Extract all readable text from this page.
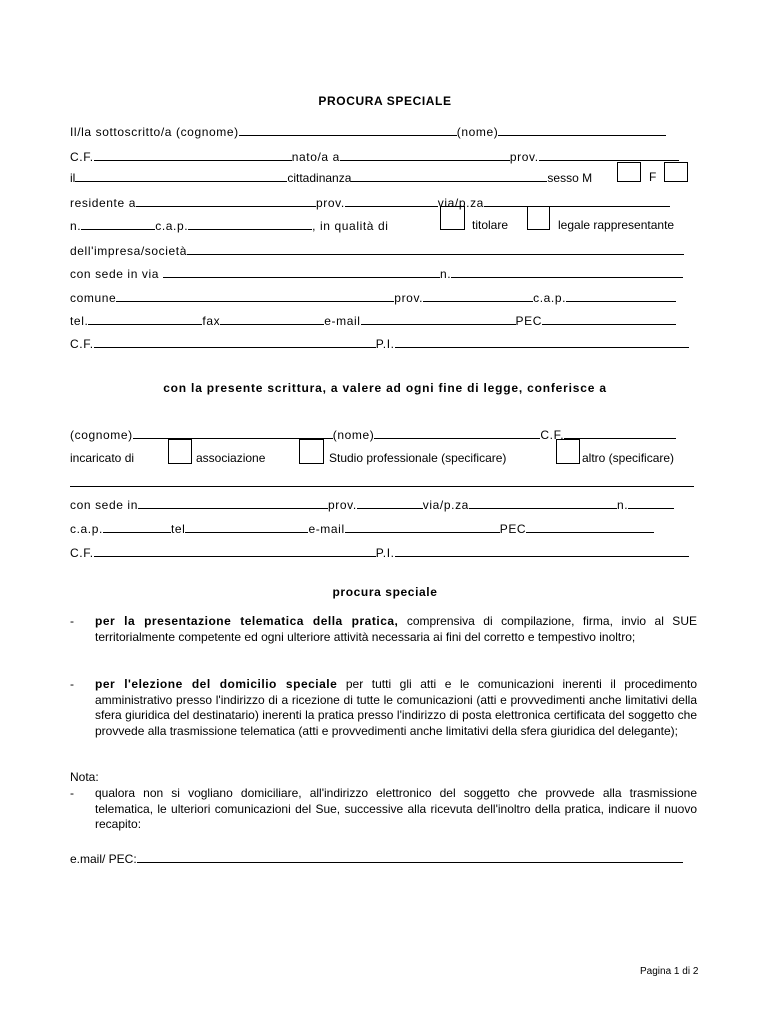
PROCURA SPECIALE
Il/la sottoscritto/a (cognome)	(nome)
C.F.	nato/a a	prov.
il	cittadinanza	sesso M	F
residente a	prov.	via/p.za
n.	c.a.p.	, in qualità di	titolare	legale rappresentante
dell'impresa/società
con sede in via	n.
comune	prov.	c.a.p.
tel.	fax	e-mail	PEC
C.F.	P.I.
con la presente scrittura, a valere ad ogni fine di legge, conferisce a
(cognome)	(nome)	C.F.
incaricato di	associazione	Studio professionale (specificare)	altro (specificare)
con sede in	prov.	via/p.za	n.
c.a.p.	tel	e-mail	PEC
C.F.	P.I.
procura speciale
- per la presentazione telematica della pratica, comprensiva di compilazione, firma, invio al SUE territorialmente competente ed ogni ulteriore attività necessaria ai fini del corretto e tempestivo inoltro;
- per l'elezione del domicilio speciale per tutti gli atti e le comunicazioni inerenti il procedimento amministrativo presso l'indirizzo di a ricezione di tutte le comunicazioni (atti e provvedimenti anche limitativi della sfera giuridica del destinatario) inerenti la pratica presso l'indirizzo di posta elettronica certificata del soggetto che provvede alla trasmissione telematica (atti e provvedimenti anche limitativi della sfera giuridica del delegante);
Nota:
- qualora non si vogliano domiciliare, all'indirizzo elettronico del soggetto che provvede alla trasmissione telematica, le ulteriori comunicazioni del Sue, successive alla ricevuta dell'inoltro della pratica, indicare il nuovo recapito:
e.mail/ PEC:
Pagina 1 di 2
